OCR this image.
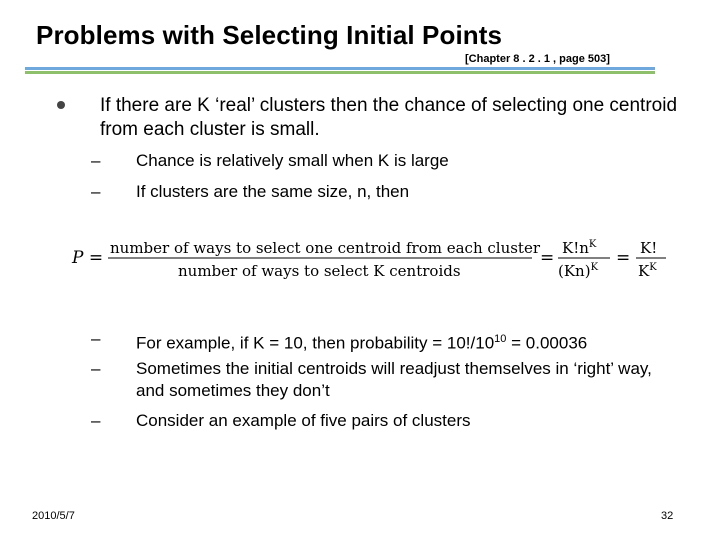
Problems with Selecting Initial Points
[Chapter 8 . 2 . 1 , page 503]
If there are K ‘real’ clusters then the chance of selecting one centroid from each cluster is small.
– Chance is relatively small when K is large
– If clusters are the same size, n, then
P = number of ways to select one centroid from each cluster
number of ways to select K centroids
= $K!n^K$
$(Kn)^K = K$!
$K^K$
– For example, if K = 10, then probability = $10!/10^{10} = 0.00036$
– Sometimes the initial centroids will readjust themselves in ‘right’ way, and sometimes they don’t
– Consider an example of five pairs of clusters
2010/5/7	32
